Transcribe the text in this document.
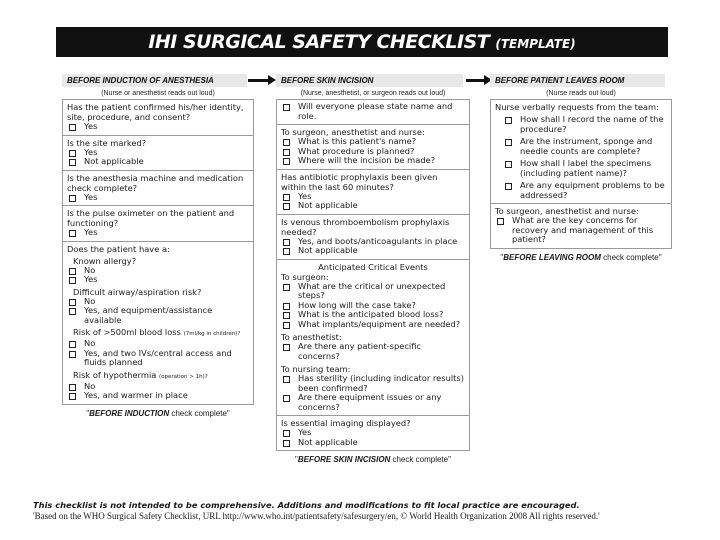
IHI SURGICAL SAFETY CHECKLIST (TEMPLATE)
BEFORE INDUCTION OF ANESTHESIA
(Nurse or anesthetist reads out loud)
Has the patient confirmed his/her identity, site, procedure, and consent?
Yes
Is the site marked?
Yes
Not applicable
Is the anesthesia machine and medication check complete?
Yes
Is the pulse oximeter on the patient and functioning?
Yes
Does the patient have a:
Known allergy?
No
Yes
Difficult airway/aspiration risk?
No
Yes, and equipment/assistance available
Risk of >500ml blood loss (7ml/kg in children)?
No
Yes, and two IVs/central access and fluids planned
Risk of hypothermia (operation > 1h)?
No
Yes, and warmer in place
"BEFORE INDUCTION check complete"
BEFORE SKIN INCISION
(Nurse, anesthetist, or surgeon reads out loud)
Will everyone please state name and role.
To surgeon, anesthetist and nurse:
What is this patient's name?
What procedure is planned?
Where will the incision be made?
Has antibiotic prophylaxis been given within the last 60 minutes?
Yes
Not applicable
Is venous thromboembolism prophylaxis needed?
Yes, and boots/anticoagulants in place
Not applicable
Anticipated Critical Events
To surgeon:
What are the critical or unexpected steps?
How long will the case take?
What is the anticipated blood loss?
What implants/equipment are needed?
To anesthetist:
Are there any patient-specific concerns?
To nursing team:
Has sterility (including indicator results) been confirmed?
Are there equipment issues or any concerns?
Is essential imaging displayed?
Yes
Not applicable
"BEFORE SKIN INCISION check complete"
BEFORE PATIENT LEAVES ROOM
(Nurse reads out loud)
Nurse verbally requests from the team:
How shall I record the name of the procedure?
Are the instrument, sponge and needle counts are complete?
How shall I label the specimens (including patient name)?
Are any equipment problems to be addressed?
To surgeon, anesthetist and nurse:
What are the key concerns for recovery and management of this patient?
"BEFORE LEAVING ROOM check complete"
This checklist is not intended to be comprehensive. Additions and modifications to fit local practice are encouraged.
'Based on the WHO Surgical Safety Checklist, URL http://www.who.int/patientsafety/safesurgery/en, © World Health Organization 2008 All rights reserved.'
